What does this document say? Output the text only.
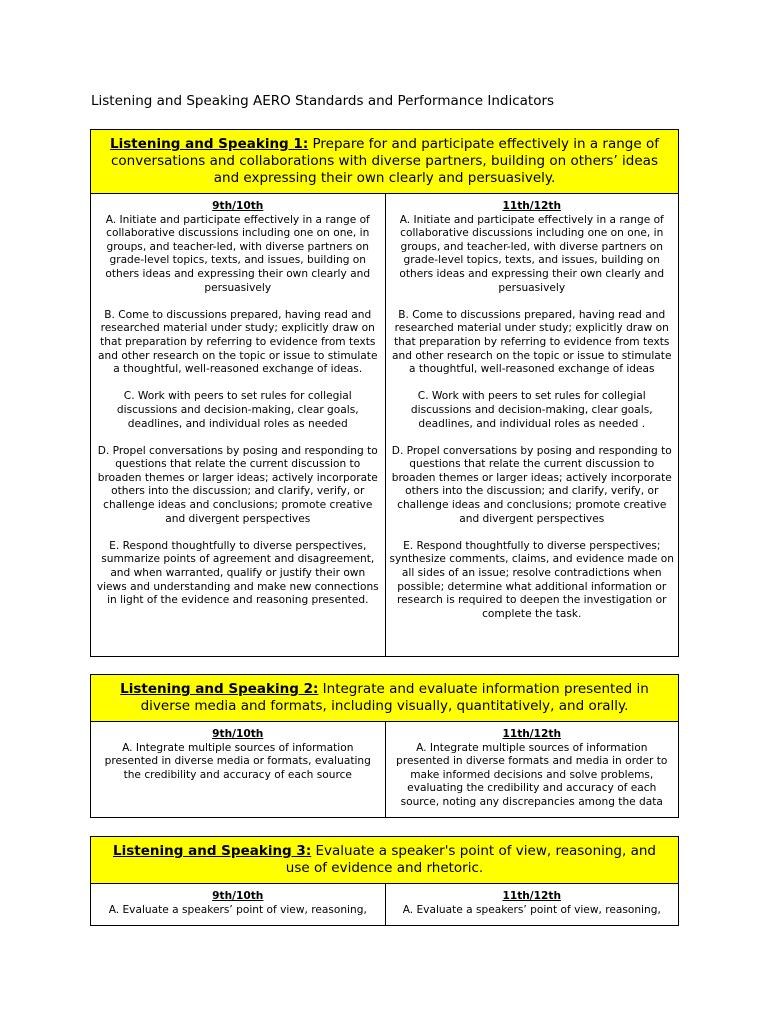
Listening and Speaking AERO Standards and Performance Indicators
Listening and Speaking 1: Prepare for and participate effectively in a range of conversations and collaborations with diverse partners, building on others’ ideas and expressing their own clearly and persuasively.
9th/10th

A. Initiate and participate effectively in a range of collaborative discussions including one on one, in groups, and teacher-led, with diverse partners on grade-level topics, texts, and issues, building on others ideas and expressing their own clearly and persuasively

B. Come to discussions prepared, having read and researched material under study; explicitly draw on that preparation by referring to evidence from texts and other research on the topic or issue to stimulate a thoughtful, well-reasoned exchange of ideas.

C. Work with peers to set rules for collegial discussions and decision-making, clear goals, deadlines, and individual roles as needed

D. Propel conversations by posing and responding to questions that relate the current discussion to broaden themes or larger ideas; actively incorporate others into the discussion; and clarify, verify, or challenge ideas and conclusions; promote creative and divergent perspectives

E. Respond thoughtfully to diverse perspectives, summarize points of agreement and disagreement, and when warranted, qualify or justify their own views and understanding and make new connections in light of the evidence and reasoning presented.

11th/12th

A. Initiate and participate effectively in a range of collaborative discussions including one on one, in groups, and teacher-led, with diverse partners on grade-level topics, texts, and issues, building on others ideas and expressing their own clearly and persuasively

B. Come to discussions prepared, having read and researched material under study; explicitly draw on that preparation by referring to evidence from texts and other research on the topic or issue to stimulate a thoughtful, well-reasoned exchange of ideas

C. Work with peers to set rules for collegial discussions and decision-making, clear goals, deadlines, and individual roles as needed .

D. Propel conversations by posing and responding to questions that relate the current discussion to broaden themes or larger ideas; actively incorporate others into the discussion; and clarify, verify, or challenge ideas and conclusions; promote creative and divergent perspectives

E. Respond thoughtfully to diverse perspectives; synthesize comments, claims, and evidence made on all sides of an issue; resolve contradictions when possible; determine what additional information or research is required to deepen the investigation or complete the task.

Listening and Speaking 2: Integrate and evaluate information presented in diverse media and formats, including visually, quantitatively, and orally.
9th/10th

A. Integrate multiple sources of information presented in diverse media or formats, evaluating the credibility and accuracy of each source

11th/12th

A. Integrate multiple sources of information presented in diverse formats and media in order to make informed decisions and solve problems, evaluating the credibility and accuracy of each source, noting any discrepancies among the data

Listening and Speaking 3: Evaluate a speaker's point of view, reasoning, and use of evidence and rhetoric.
9th/10th

A. Evaluate a speakers’ point of view, reasoning,

11th/12th

A. Evaluate a speakers’ point of view, reasoning,
